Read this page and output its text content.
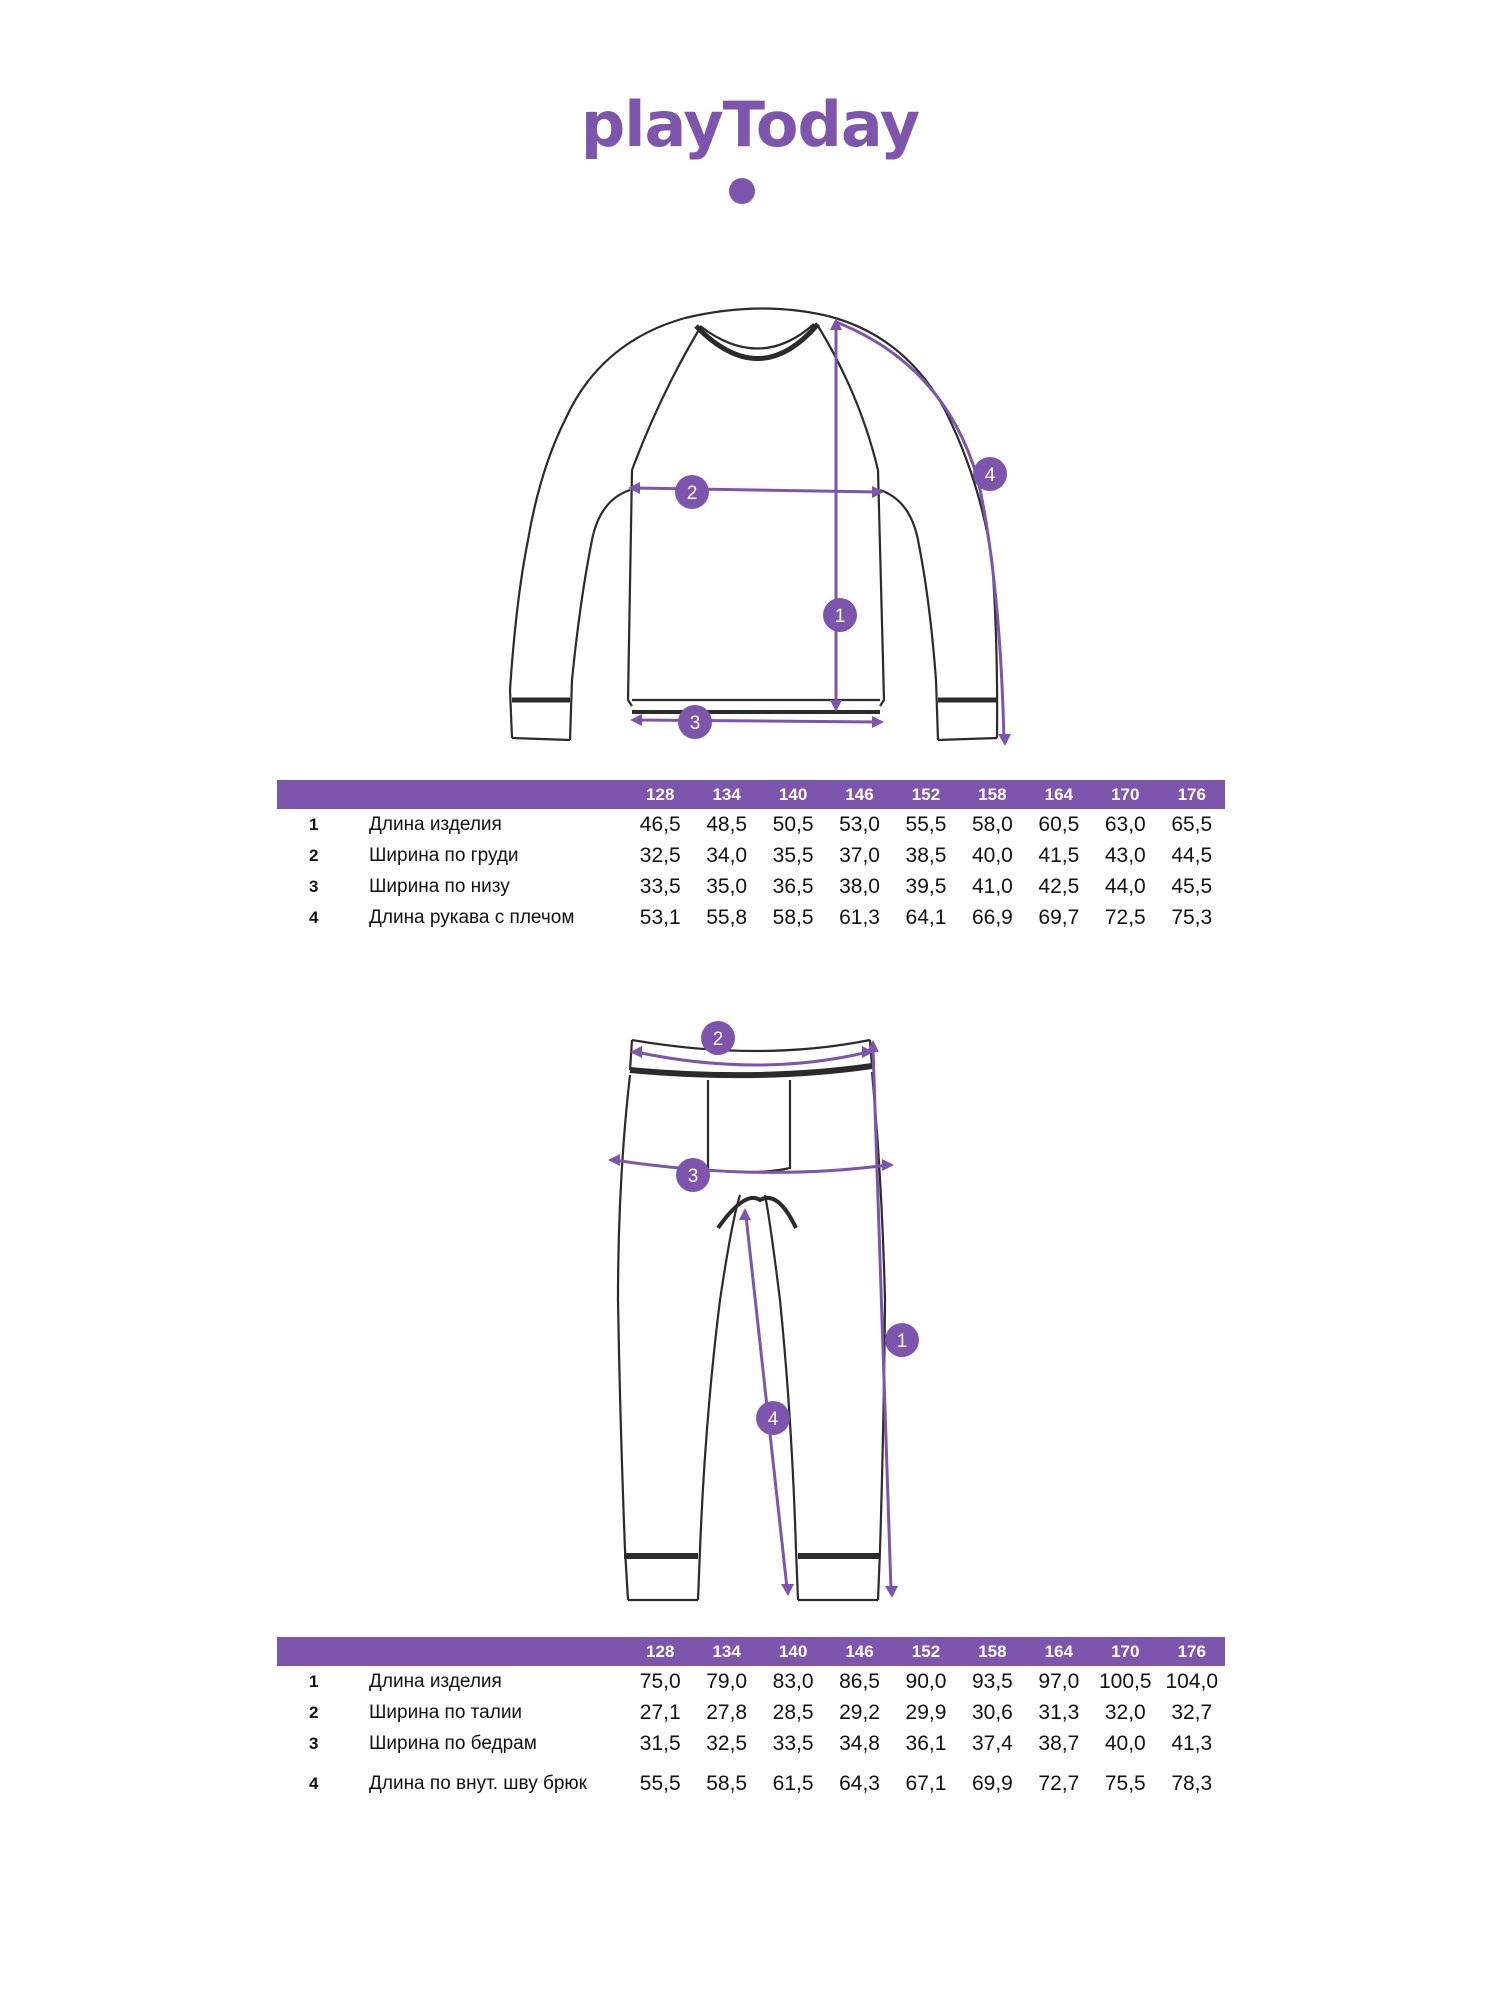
playToday
1
2
3
4
		128	134	140	146	152	158	164	170	176
1	Длина изделия	46,5	48,5	50,5	53,0	55,5	58,0	60,5	63,0	65,5
2	Ширина по груди	32,5	34,0	35,5	37,0	38,5	40,0	41,5	43,0	44,5
3	Ширина по низу	33,5	35,0	36,5	38,0	39,5	41,0	42,5	44,0	45,5
4	Длина рукава с плечом	53,1	55,8	58,5	61,3	64,1	66,9	69,7	72,5	75,3
1
2
3
4
		128	134	140	146	152	158	164	170	176
1	Длина изделия	75,0	79,0	83,0	86,5	90,0	93,5	97,0	100,5	104,0
2	Ширина по талии	27,1	27,8	28,5	29,2	29,9	30,6	31,3	32,0	32,7
3	Ширина по бедрам	31,5	32,5	33,5	34,8	36,1	37,4	38,7	40,0	41,3
4	Длина по внут. шву брюк	55,5	58,5	61,5	64,3	67,1	69,9	72,7	75,5	78,3
